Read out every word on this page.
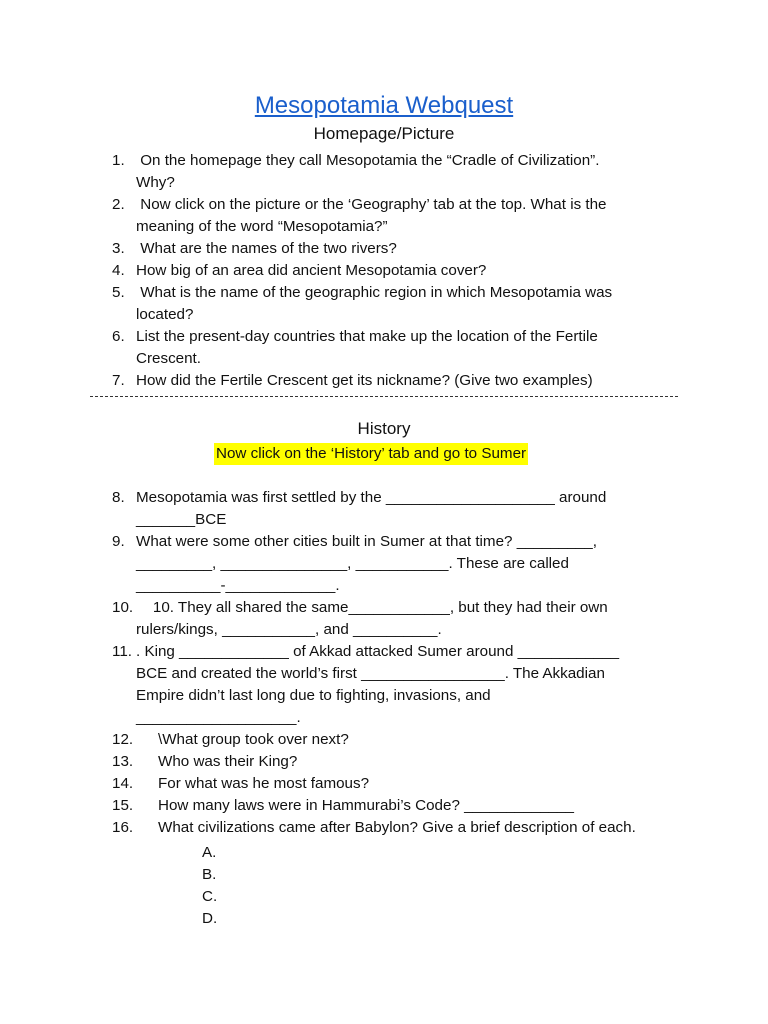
Mesopotamia Webquest
Homepage/Picture
1. On the homepage they call Mesopotamia the “Cradle of Civilization”.
Why?
2. Now click on the picture or the ‘Geography’ tab at the top. What is the
meaning of the word “Mesopotamia?”
3. What are the names of the two rivers?
4. How big of an area did ancient Mesopotamia cover?
5. What is the name of the geographic region in which Mesopotamia was
located?
6. List the present-day countries that make up the location of the Fertile
Crescent.
7. How did the Fertile Crescent get its nickname? (Give two examples)
History
Now click on the ‘History’ tab and go to Sumer
8. Mesopotamia was first settled by the ____________________ around
_______BCE
9. What were some other cities built in Sumer at that time? _________,
_________, _______________, ___________. These are called
__________-_____________.
10. 10. They all shared the same____________, but they had their own
rulers/kings, ___________, and __________.
11. . King _____________ of Akkad attacked Sumer around ____________
BCE and created the world’s first _________________. The Akkadian
Empire didn’t last long due to fighting, invasions, and
___________________.
12. \What group took over next?
13. Who was their King?
14. For what was he most famous?
15. How many laws were in Hammurabi’s Code? _____________
16. What civilizations came after Babylon? Give a brief description of each.
A.
B.
C.
D.
